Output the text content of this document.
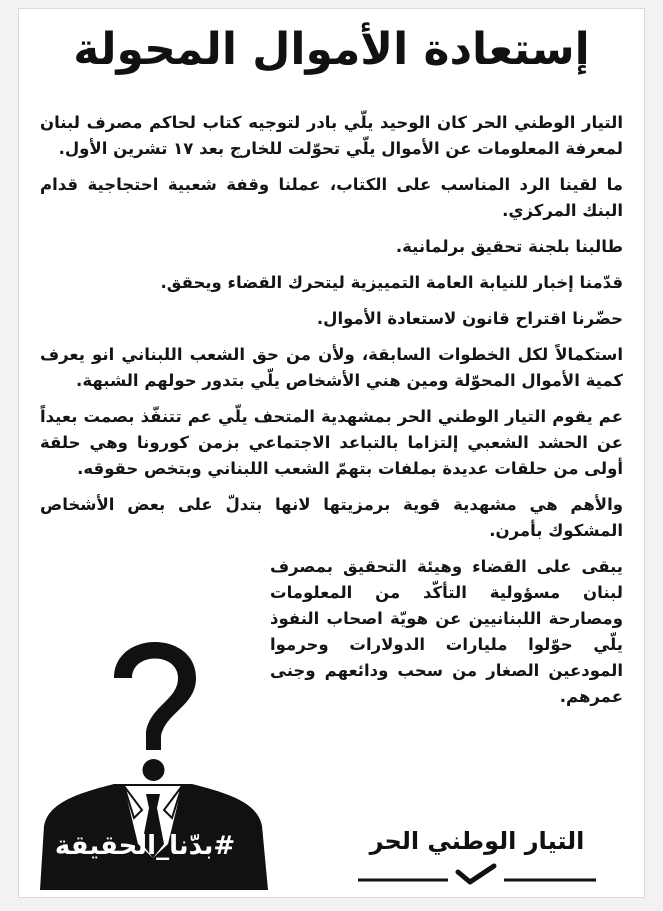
إستعادة الأموال المحولة

التيار الوطني الحر كان الوحيد يلّي بادر لتوجيه كتاب لحاكم مصرف لبنان لمعرفة المعلومات عن الأموال يلّي تحوّلت للخارج بعد ١٧ تشرين الأول.

ما لقينا الرد المناسب على الكتاب، عملنا وقفة شعبية احتجاجية قدام البنك المركزي.

طالبنا بلجنة تحقيق برلمانية.

قدّمنا إخبار للنيابة العامة التمييزية ليتحرك القضاء ويحقق.

حضّرنا اقتراح قانون لاستعادة الأموال.

استكمالاً لكل الخطوات السابقة، ولأن من حق الشعب اللبناني انو يعرف كمية الأموال المحوّلة ومين هني الأشخاص يلّي بتدور حولهم الشبهة.

عم يقوم التيار الوطني الحر بمشهدية المتحف يلّي عم تتنفّذ بصمت بعيداً عن الحشد الشعبي إلتزاما بالتباعد الاجتماعي بزمن كورونا وهي حلقة أولى من حلقات عديدة بملفات بتهمّ الشعب اللبناني وبتخص حقوقه.

والأهم هي مشهدية قوية برمزيتها لانها بتدلّ على بعض الأشخاص المشكوك بأمرن.

يبقى على القضاء وهيئة التحقيق بمصرف لبنان مسؤولية التأكّد من المعلومات ومصارحة اللبنانيين عن هويّة اصحاب النفوذ يلّي حوّلوا مليارات الدولارات وحرموا المودعين الصغار من سحب ودائعهم وجنى عمرهم.

#بدّنا_الحقيقة	التيار الوطني الحر
